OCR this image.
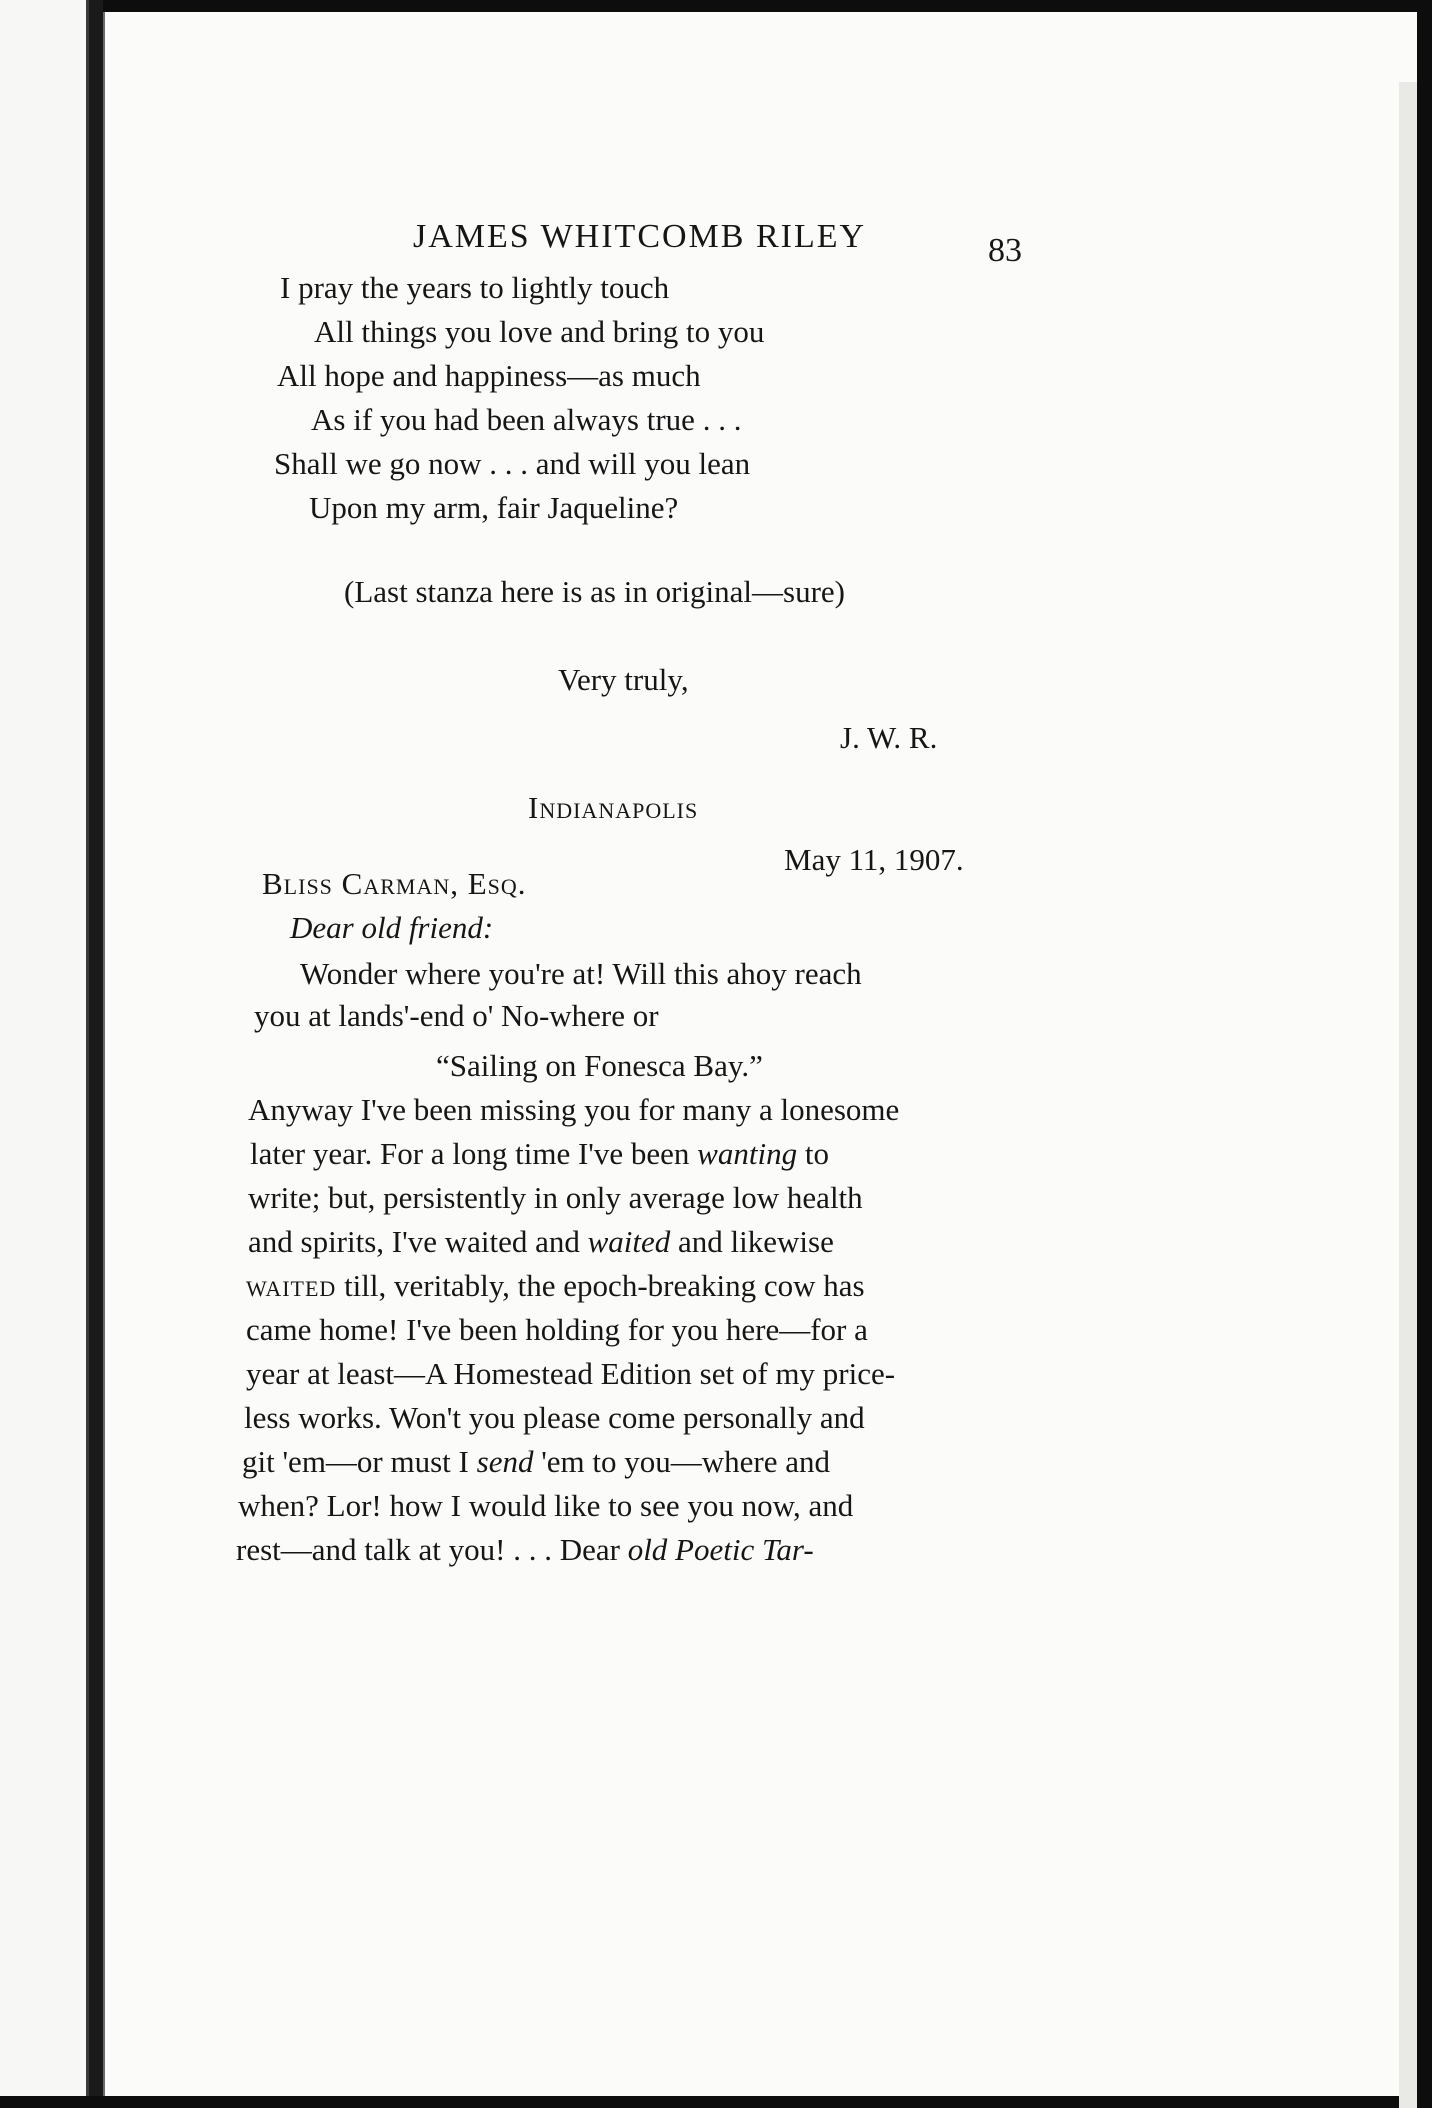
JAMES WHITCOMB RILEY	83
I pray the years to lightly touch
All things you love and bring to you
All hope and happiness—as much
As if you had been always true . . .
Shall we go now . . . and will you lean
Upon my arm, fair Jaqueline?
(Last stanza here is as in original—sure)
Very truly,
J. W. R.
Indianapolis
May 11, 1907.
Bliss Carman, Esq.
Dear old friend:
Wonder where you're at! Will this ahoy reach
you at lands'-end o' No-where or
“Sailing on Fonesca Bay.”
Anyway I've been missing you for many a lonesome
later year. For a long time I've been wanting to
write; but, persistently in only average low health
and spirits, I've waited and waited and likewise
waited till, veritably, the epoch-breaking cow has
came home! I've been holding for you here—for a
year at least—A Homestead Edition set of my price-
less works. Won't you please come personally and
git 'em—or must I send 'em to you—where and
when? Lor! how I would like to see you now, and
rest—and talk at you! . . . Dear old Poetic Tar-
